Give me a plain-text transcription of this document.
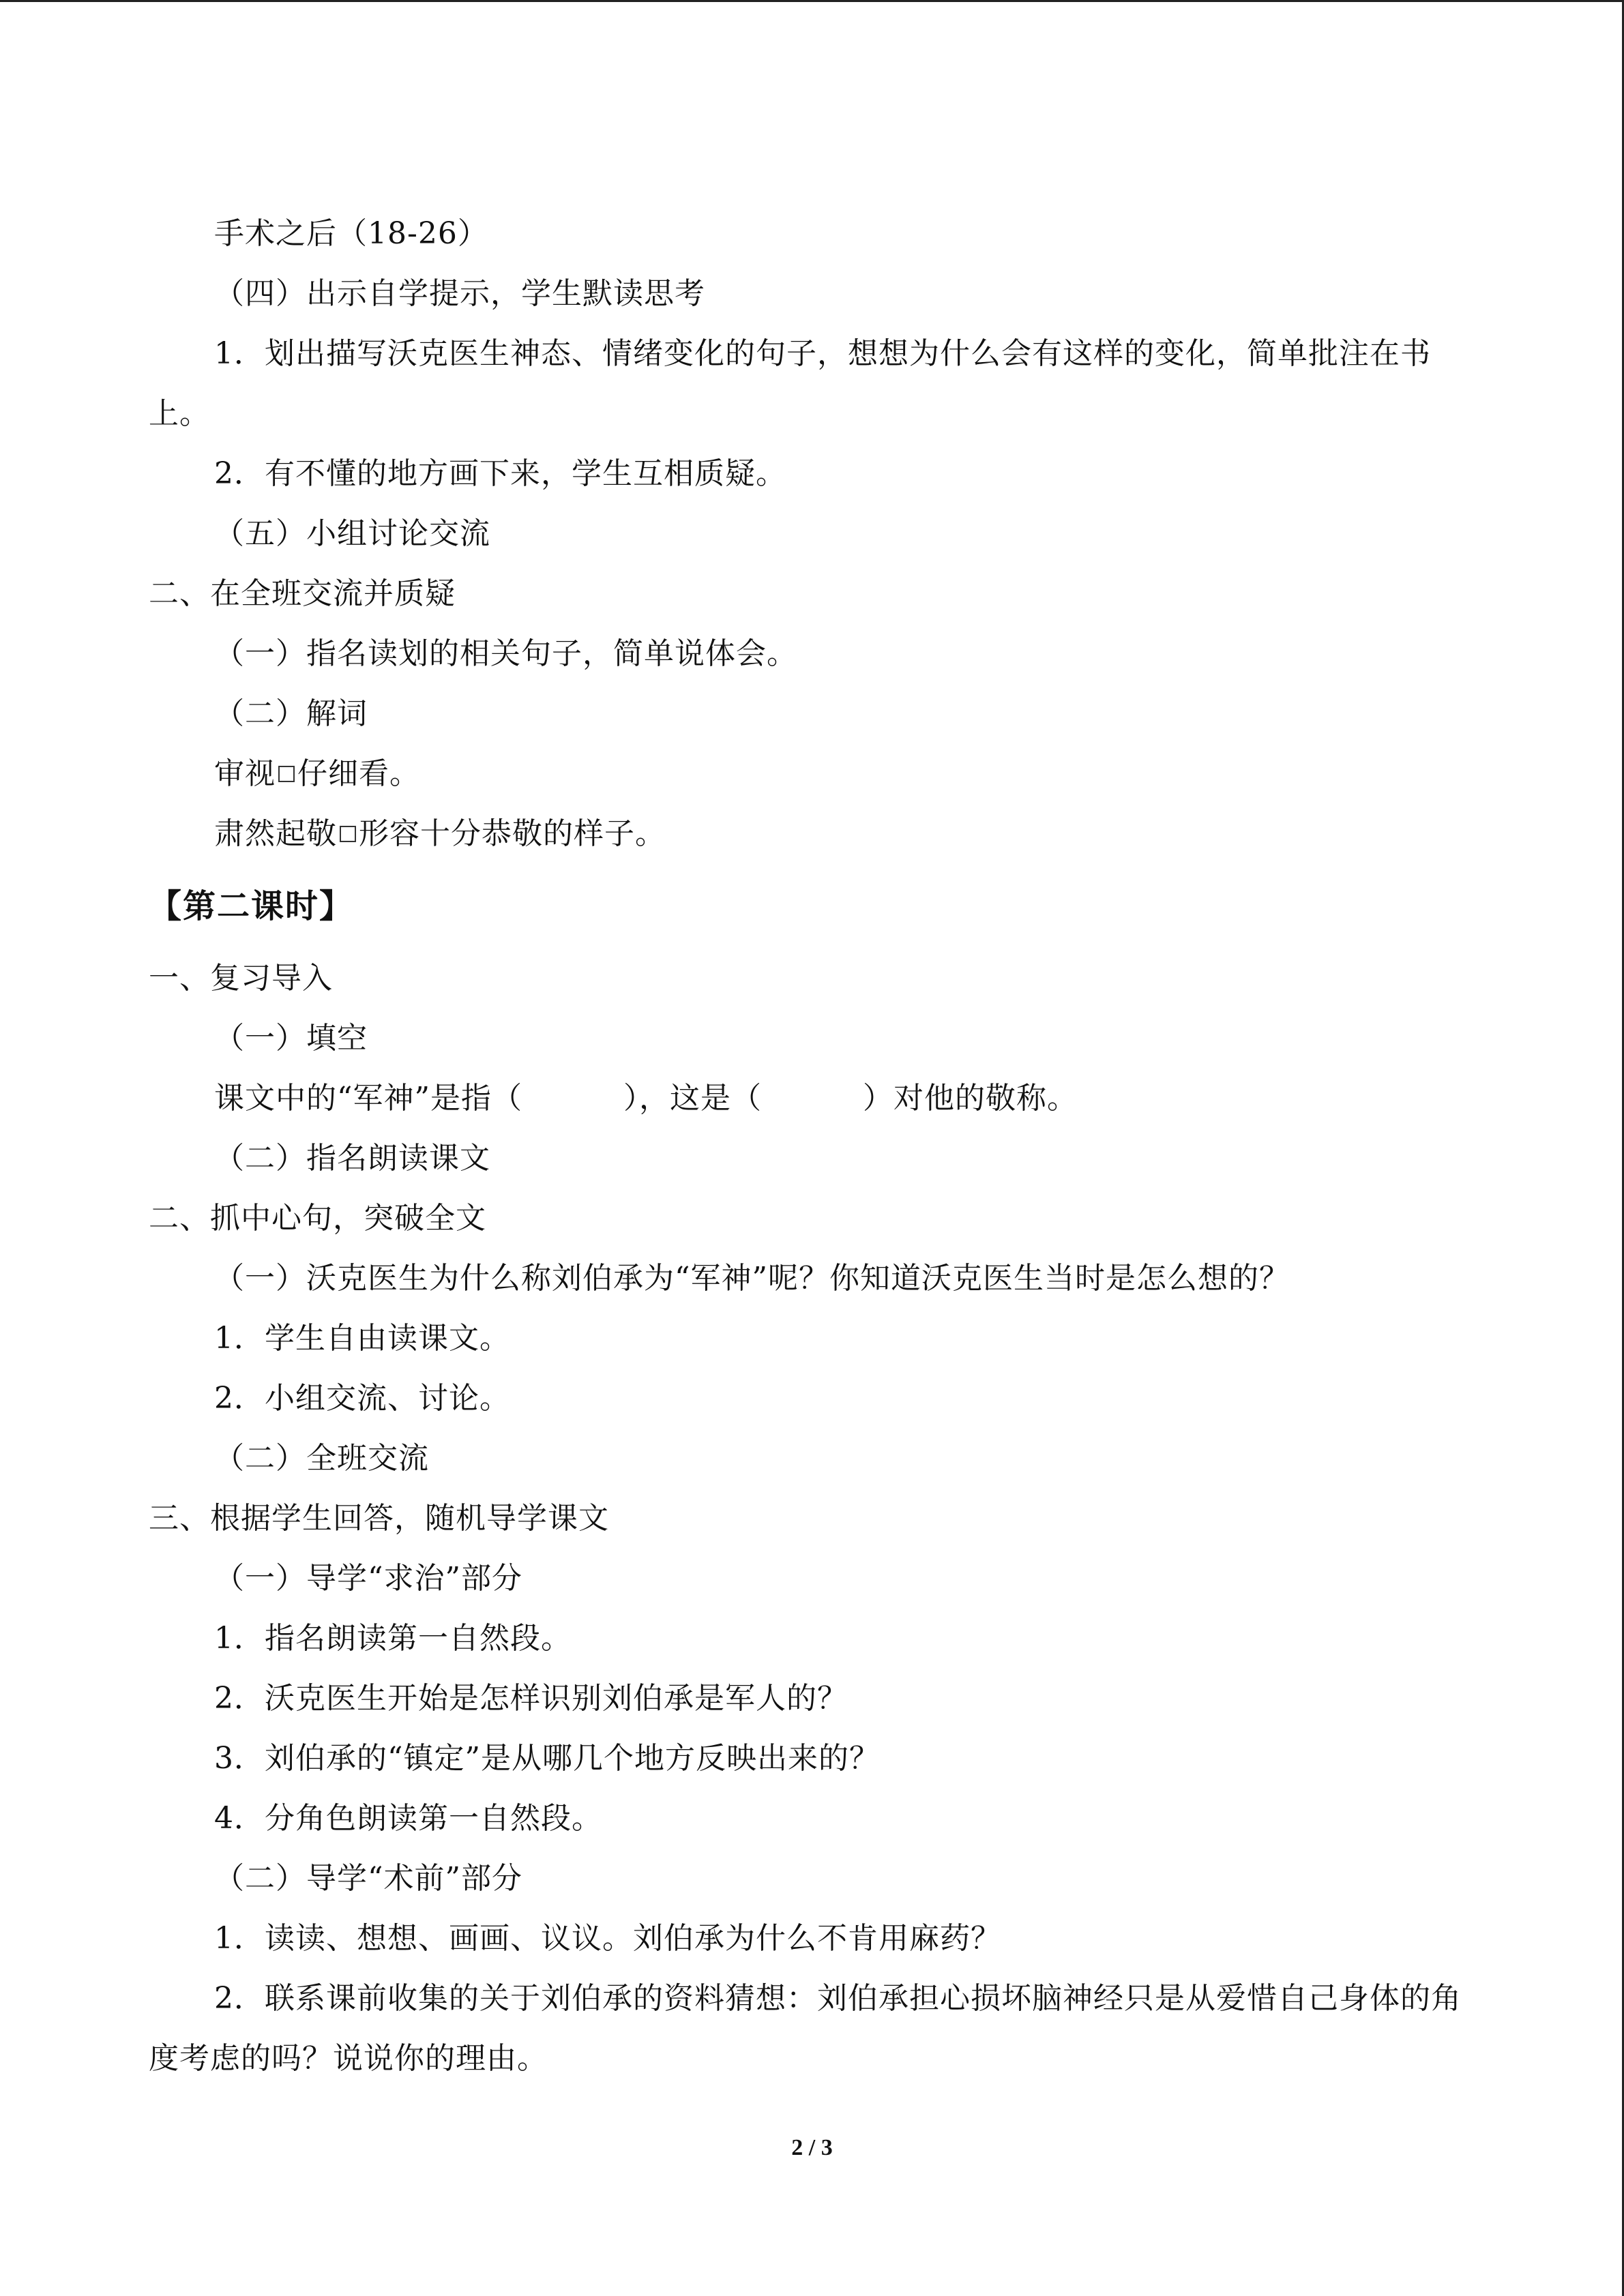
手术之后（18-26）
（四）出示自学提示，学生默读思考
1．划出描写沃克医生神态、情绪变化的句子，想想为什么会有这样的变化，简单批注在书上。
2．有不懂的地方画下来，学生互相质疑。
（五）小组讨论交流
二、在全班交流并质疑
（一）指名读划的相关句子，简单说体会。
（二）解词
审视 仔细看。
肃然起敬 形容十分恭敬的样子。
【第二课时】
一、复习导入
（一）填空
课文中的“军神”是指（	），这是（	）对他的敬称。
（二）指名朗读课文
二、抓中心句，突破全文
（一）沃克医生为什么称刘伯承为“军神”呢？你知道沃克医生当时是怎么想的？
1．学生自由读课文。
2．小组交流、讨论。
（二）全班交流
三、根据学生回答，随机导学课文
（一）导学“求治”部分
1．指名朗读第一自然段。
2．沃克医生开始是怎样识别刘伯承是军人的？
3．刘伯承的“镇定”是从哪几个地方反映出来的？
4．分角色朗读第一自然段。
（二）导学“术前”部分
1．读读、想想、画画、议议。刘伯承为什么不肯用麻药？
2．联系课前收集的关于刘伯承的资料猜想：刘伯承担心损坏脑神经只是从爱惜自己身体的角度考虑的吗？说说你的理由。
2 / 3
